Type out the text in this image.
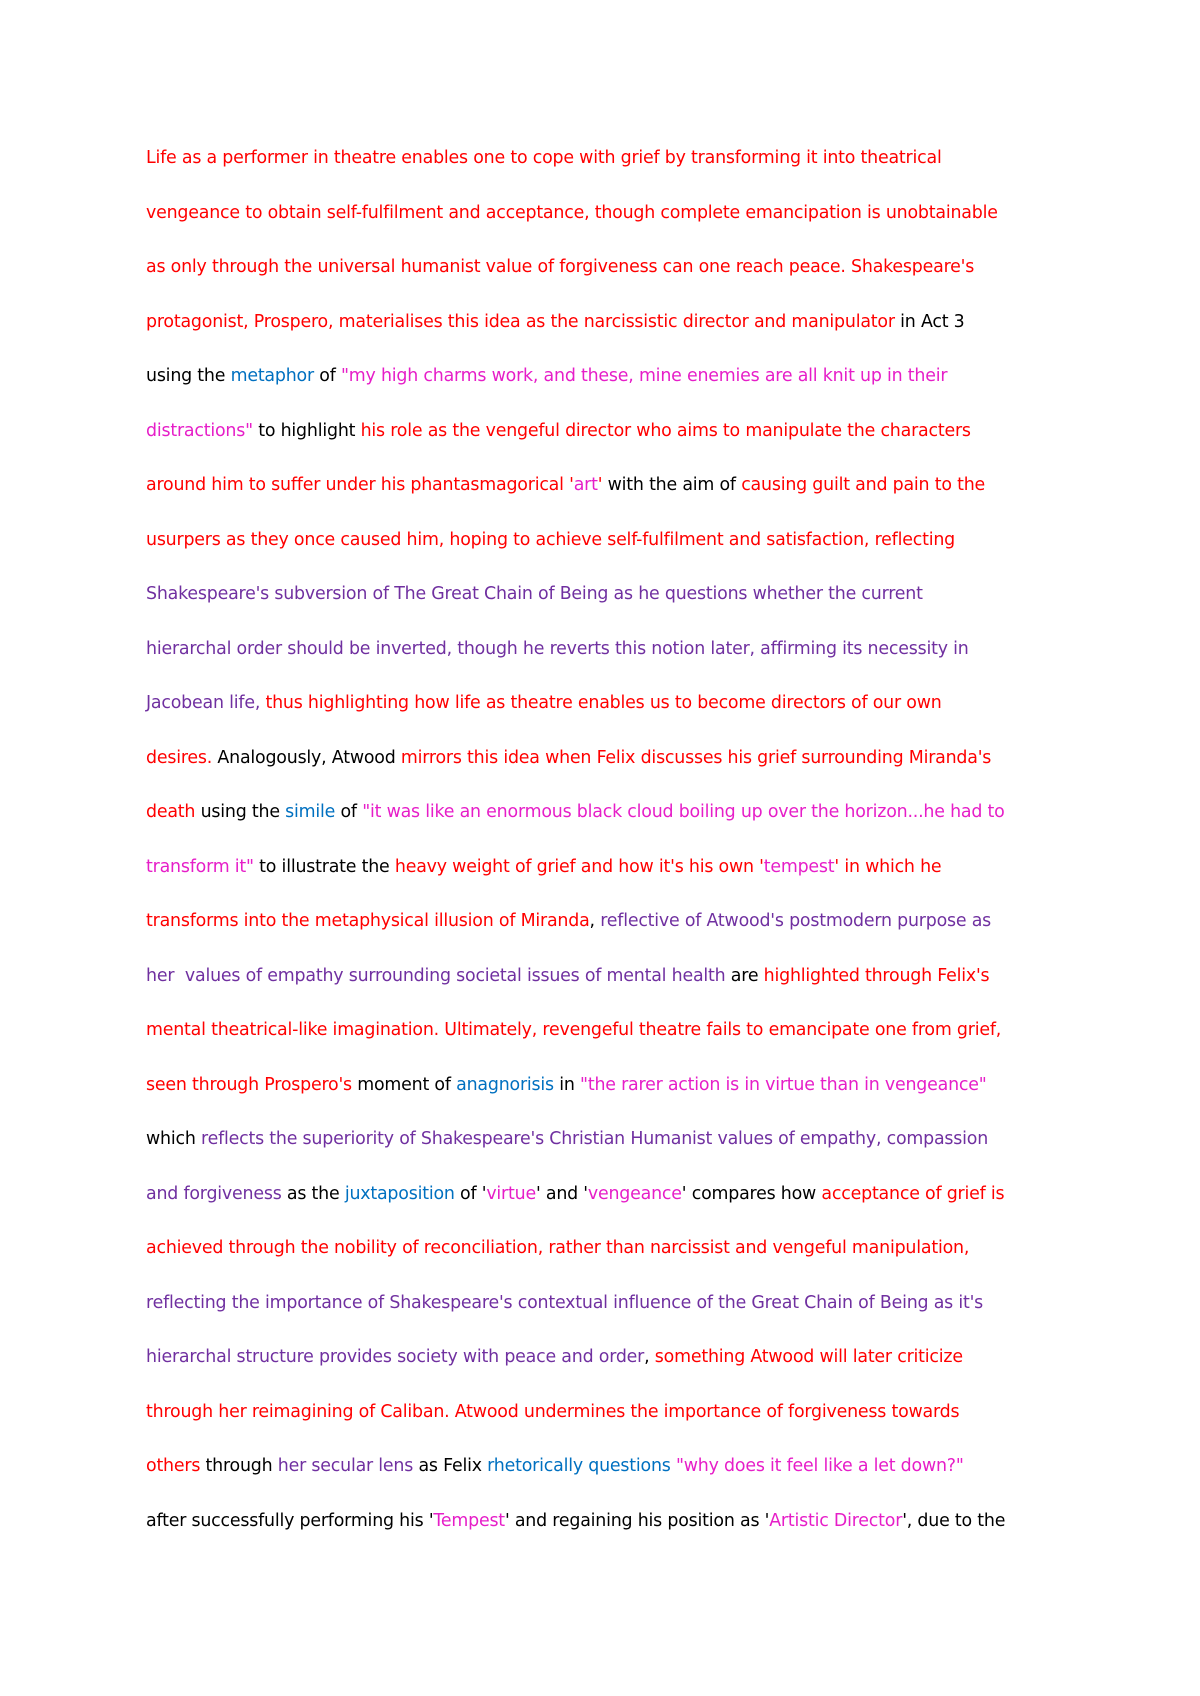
Life as a performer in theatre enables one to cope with grief by transforming it into theatrical
vengeance to obtain self-fulfilment and acceptance, though complete emancipation is unobtainable
as only through the universal humanist value of forgiveness can one reach peace. Shakespeare's
protagonist, Prospero, materialises this idea as the narcissistic director and manipulator in Act 3
using the metaphor of "my high charms work, and these, mine enemies are all knit up in their
distractions" to highlight his role as the vengeful director who aims to manipulate the characters
around him to suffer under his phantasmagorical 'art' with the aim of causing guilt and pain to the
usurpers as they once caused him, hoping to achieve self-fulfilment and satisfaction, reflecting
Shakespeare's subversion of The Great Chain of Being as he questions whether the current
hierarchal order should be inverted, though he reverts this notion later, affirming its necessity in
Jacobean life, thus highlighting how life as theatre enables us to become directors of our own
desires. Analogously, Atwood mirrors this idea when Felix discusses his grief surrounding Miranda's
death using the simile of "it was like an enormous black cloud boiling up over the horizon...he had to
transform it" to illustrate the heavy weight of grief and how it's his own 'tempest' in which he
transforms into the metaphysical illusion of Miranda, reflective of Atwood's postmodern purpose as
her  values of empathy surrounding societal issues of mental health are highlighted through Felix's
mental theatrical-like imagination. Ultimately, revengeful theatre fails to emancipate one from grief,
seen through Prospero's moment of anagnorisis in "the rarer action is in virtue than in vengeance"
which reflects the superiority of Shakespeare's Christian Humanist values of empathy, compassion
and forgiveness as the juxtaposition of 'virtue' and 'vengeance' compares how acceptance of grief is
achieved through the nobility of reconciliation, rather than narcissist and vengeful manipulation,
reflecting the importance of Shakespeare's contextual influence of the Great Chain of Being as it's
hierarchal structure provides society with peace and order, something Atwood will later criticize
through her reimagining of Caliban. Atwood undermines the importance of forgiveness towards
others through her secular lens as Felix rhetorically questions "why does it feel like a let down?"
after successfully performing his 'Tempest' and regaining his position as 'Artistic Director', due to the
